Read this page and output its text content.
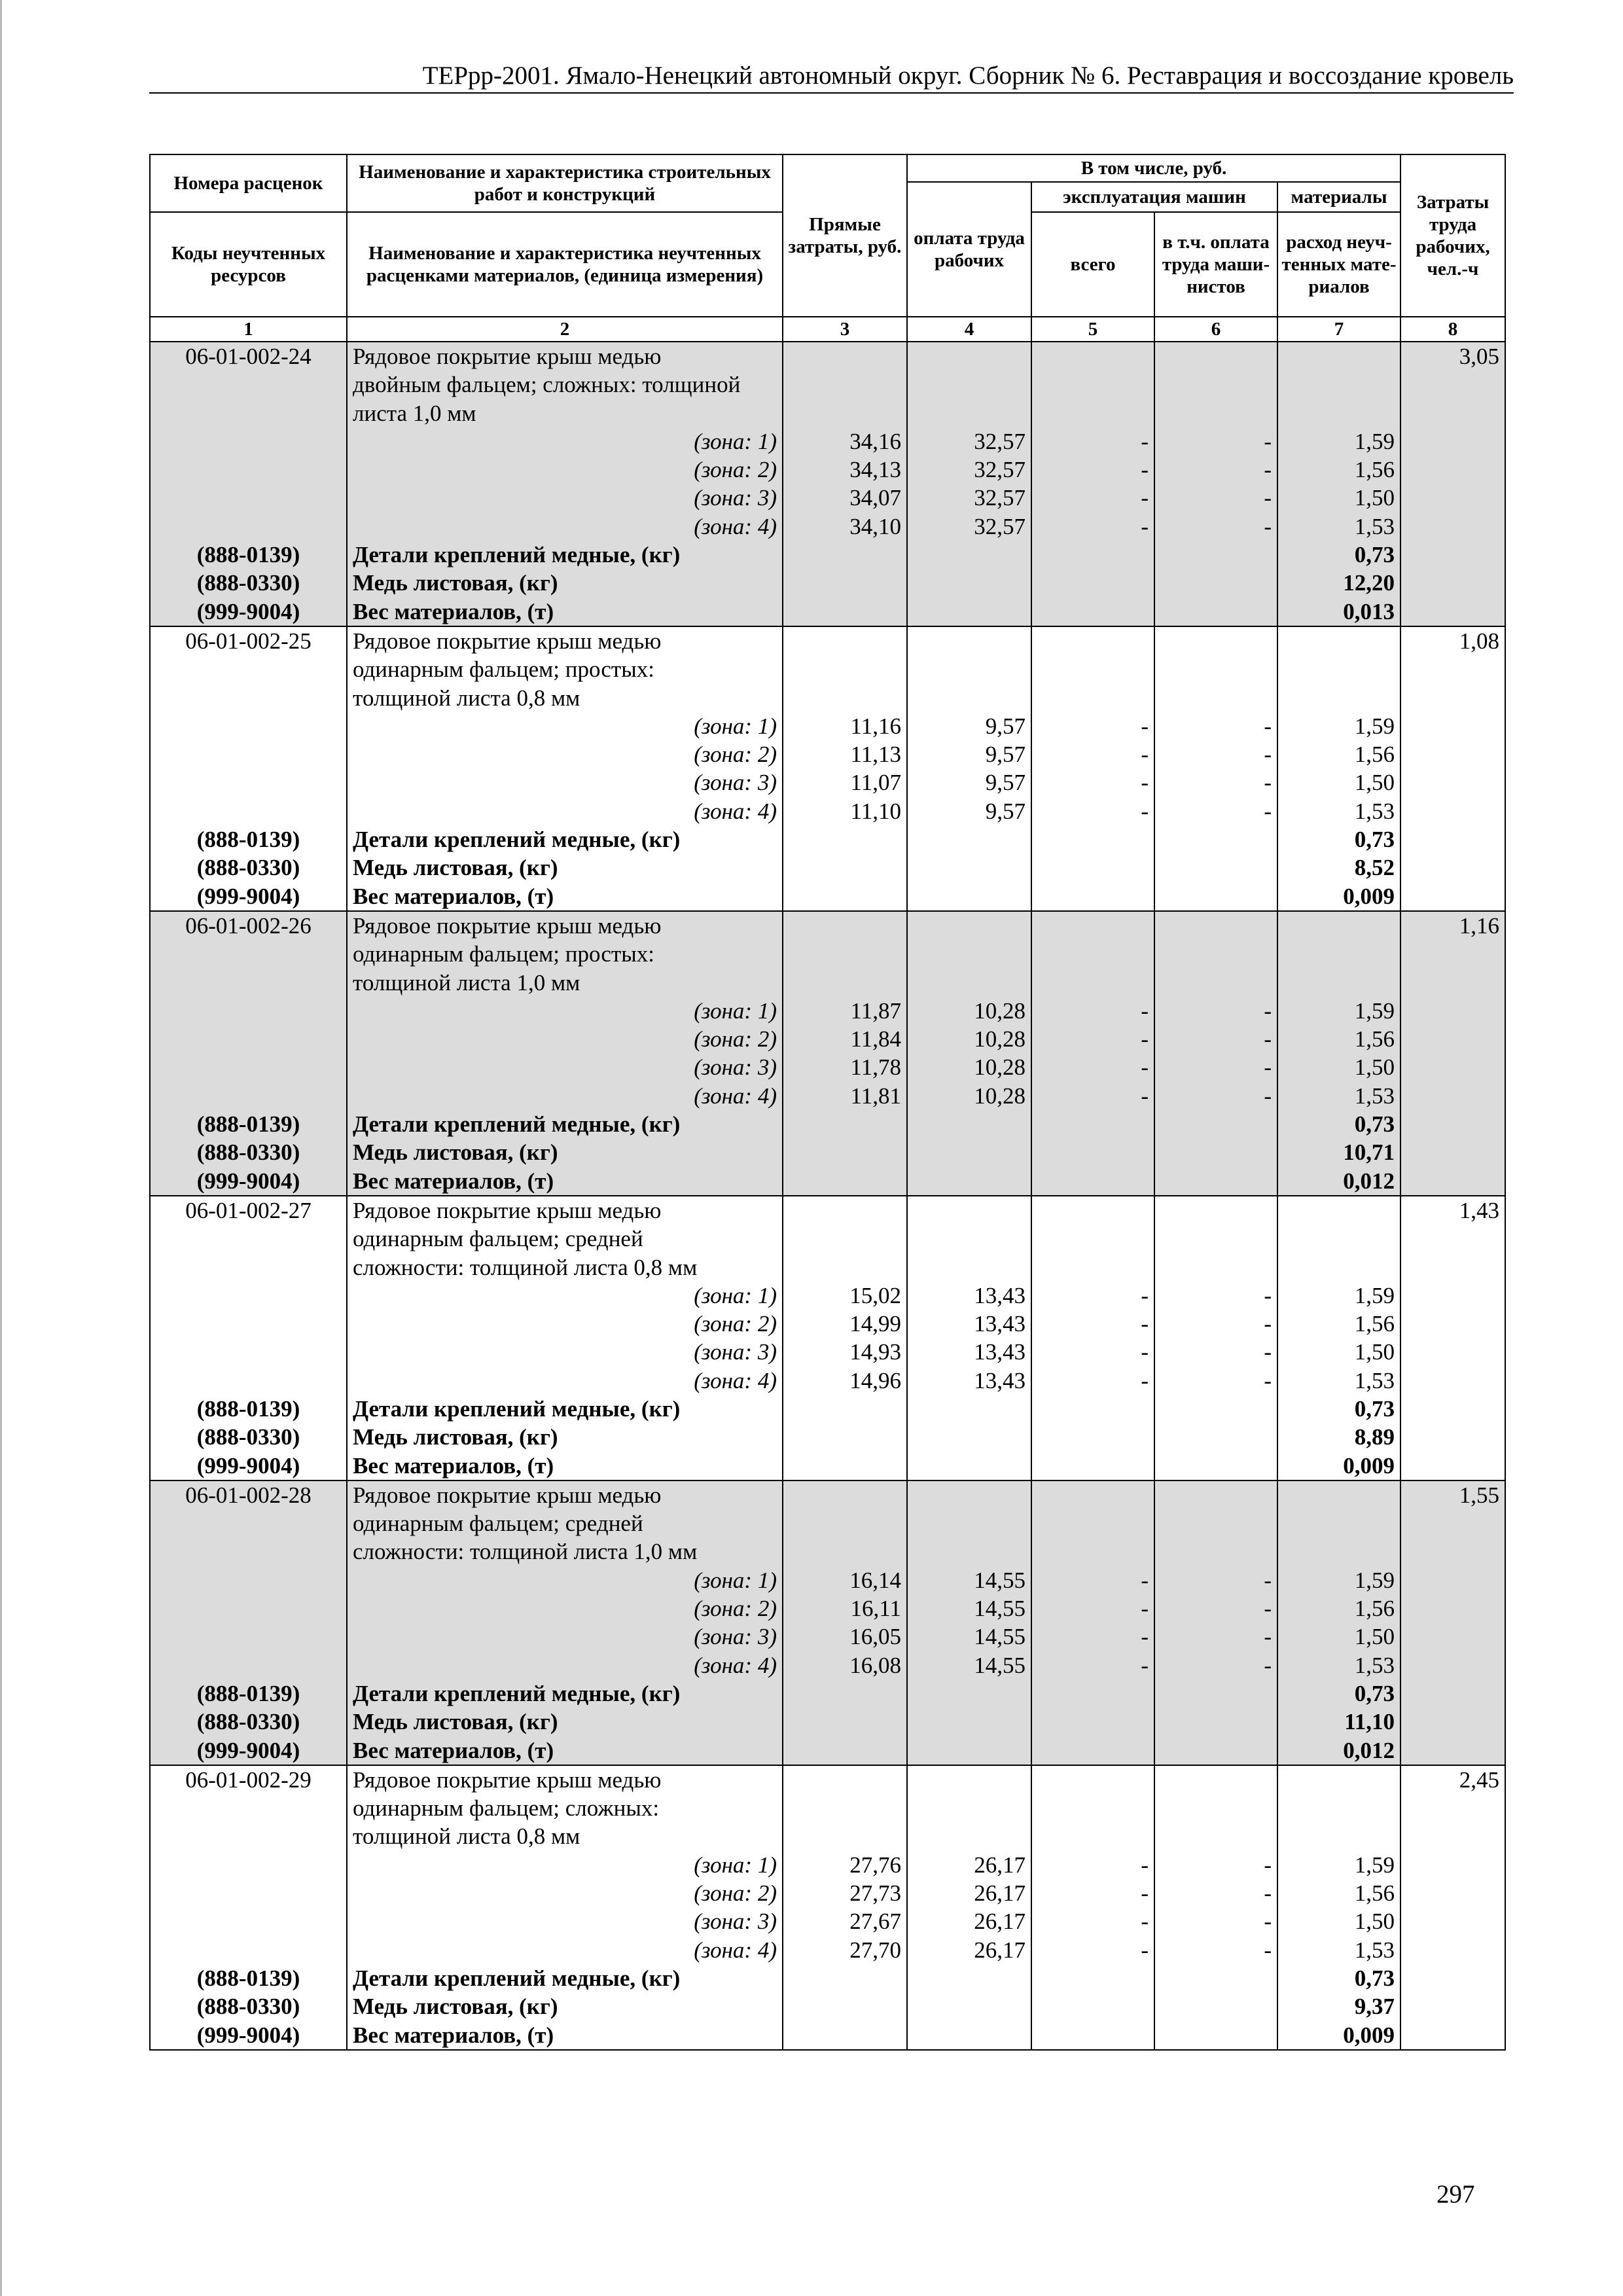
ТЕРрр-2001. Ямало-Ненецкий автономный округ. Сборник № 6. Реставрация и воссоздание кровель
Номера расценок	Наименование и характеристика строительных работ и конструкций	Прямые затраты, руб.	В том числе, руб.				Затраты труда рабочих, чел.-ч
			оплата труда рабочих	эксплуатация машин		материалы	
Коды неучтенных ресурсов	Наименование и характеристика неучтенных расценками материалов, (единица измерения)			всего	в т.ч. оплата труда маши-нистов	расход неуч-тенных мате-риалов	
1	2	3	4	5	6	7	8
06-01-002-24	Рядовое покрытие крыш медью
двойным фальцем; сложных: толщиной
листа 1,0 мм						3,05
	(зона: 1)	34,16	32,57	-	-	1,59	
	(зона: 2)	34,13	32,57	-	-	1,56	
	(зона: 3)	34,07	32,57	-	-	1,50	
	(зона: 4)	34,10	32,57	-	-	1,53	
(888-0139)	Детали креплений медные, (кг)					0,73	
(888-0330)	Медь листовая, (кг)					12,20	
(999-9004)	Вес материалов, (т)					0,013	
06-01-002-25	Рядовое покрытие крыш медью
одинарным фальцем; простых:
толщиной листа 0,8 мм						1,08
	(зона: 1)	11,16	9,57	-	-	1,59	
	(зона: 2)	11,13	9,57	-	-	1,56	
	(зона: 3)	11,07	9,57	-	-	1,50	
	(зона: 4)	11,10	9,57	-	-	1,53	
(888-0139)	Детали креплений медные, (кг)					0,73	
(888-0330)	Медь листовая, (кг)					8,52	
(999-9004)	Вес материалов, (т)					0,009	
06-01-002-26	Рядовое покрытие крыш медью
одинарным фальцем; простых:
толщиной листа 1,0 мм						1,16
	(зона: 1)	11,87	10,28	-	-	1,59	
	(зона: 2)	11,84	10,28	-	-	1,56	
	(зона: 3)	11,78	10,28	-	-	1,50	
	(зона: 4)	11,81	10,28	-	-	1,53	
(888-0139)	Детали креплений медные, (кг)					0,73	
(888-0330)	Медь листовая, (кг)					10,71	
(999-9004)	Вес материалов, (т)					0,012	
06-01-002-27	Рядовое покрытие крыш медью
одинарным фальцем; средней
сложности: толщиной листа 0,8 мм						1,43
	(зона: 1)	15,02	13,43	-	-	1,59	
	(зона: 2)	14,99	13,43	-	-	1,56	
	(зона: 3)	14,93	13,43	-	-	1,50	
	(зона: 4)	14,96	13,43	-	-	1,53	
(888-0139)	Детали креплений медные, (кг)					0,73	
(888-0330)	Медь листовая, (кг)					8,89	
(999-9004)	Вес материалов, (т)					0,009	
06-01-002-28	Рядовое покрытие крыш медью
одинарным фальцем; средней
сложности: толщиной листа 1,0 мм						1,55
	(зона: 1)	16,14	14,55	-	-	1,59	
	(зона: 2)	16,11	14,55	-	-	1,56	
	(зона: 3)	16,05	14,55	-	-	1,50	
	(зона: 4)	16,08	14,55	-	-	1,53	
(888-0139)	Детали креплений медные, (кг)					0,73	
(888-0330)	Медь листовая, (кг)					11,10	
(999-9004)	Вес материалов, (т)					0,012	
06-01-002-29	Рядовое покрытие крыш медью
одинарным фальцем; сложных:
толщиной листа 0,8 мм						2,45
	(зона: 1)	27,76	26,17	-	-	1,59	
	(зона: 2)	27,73	26,17	-	-	1,56	
	(зона: 3)	27,67	26,17	-	-	1,50	
	(зона: 4)	27,70	26,17	-	-	1,53	
(888-0139)	Детали креплений медные, (кг)					0,73	
(888-0330)	Медь листовая, (кг)					9,37	
(999-9004)	Вес материалов, (т)					0,009	
297
